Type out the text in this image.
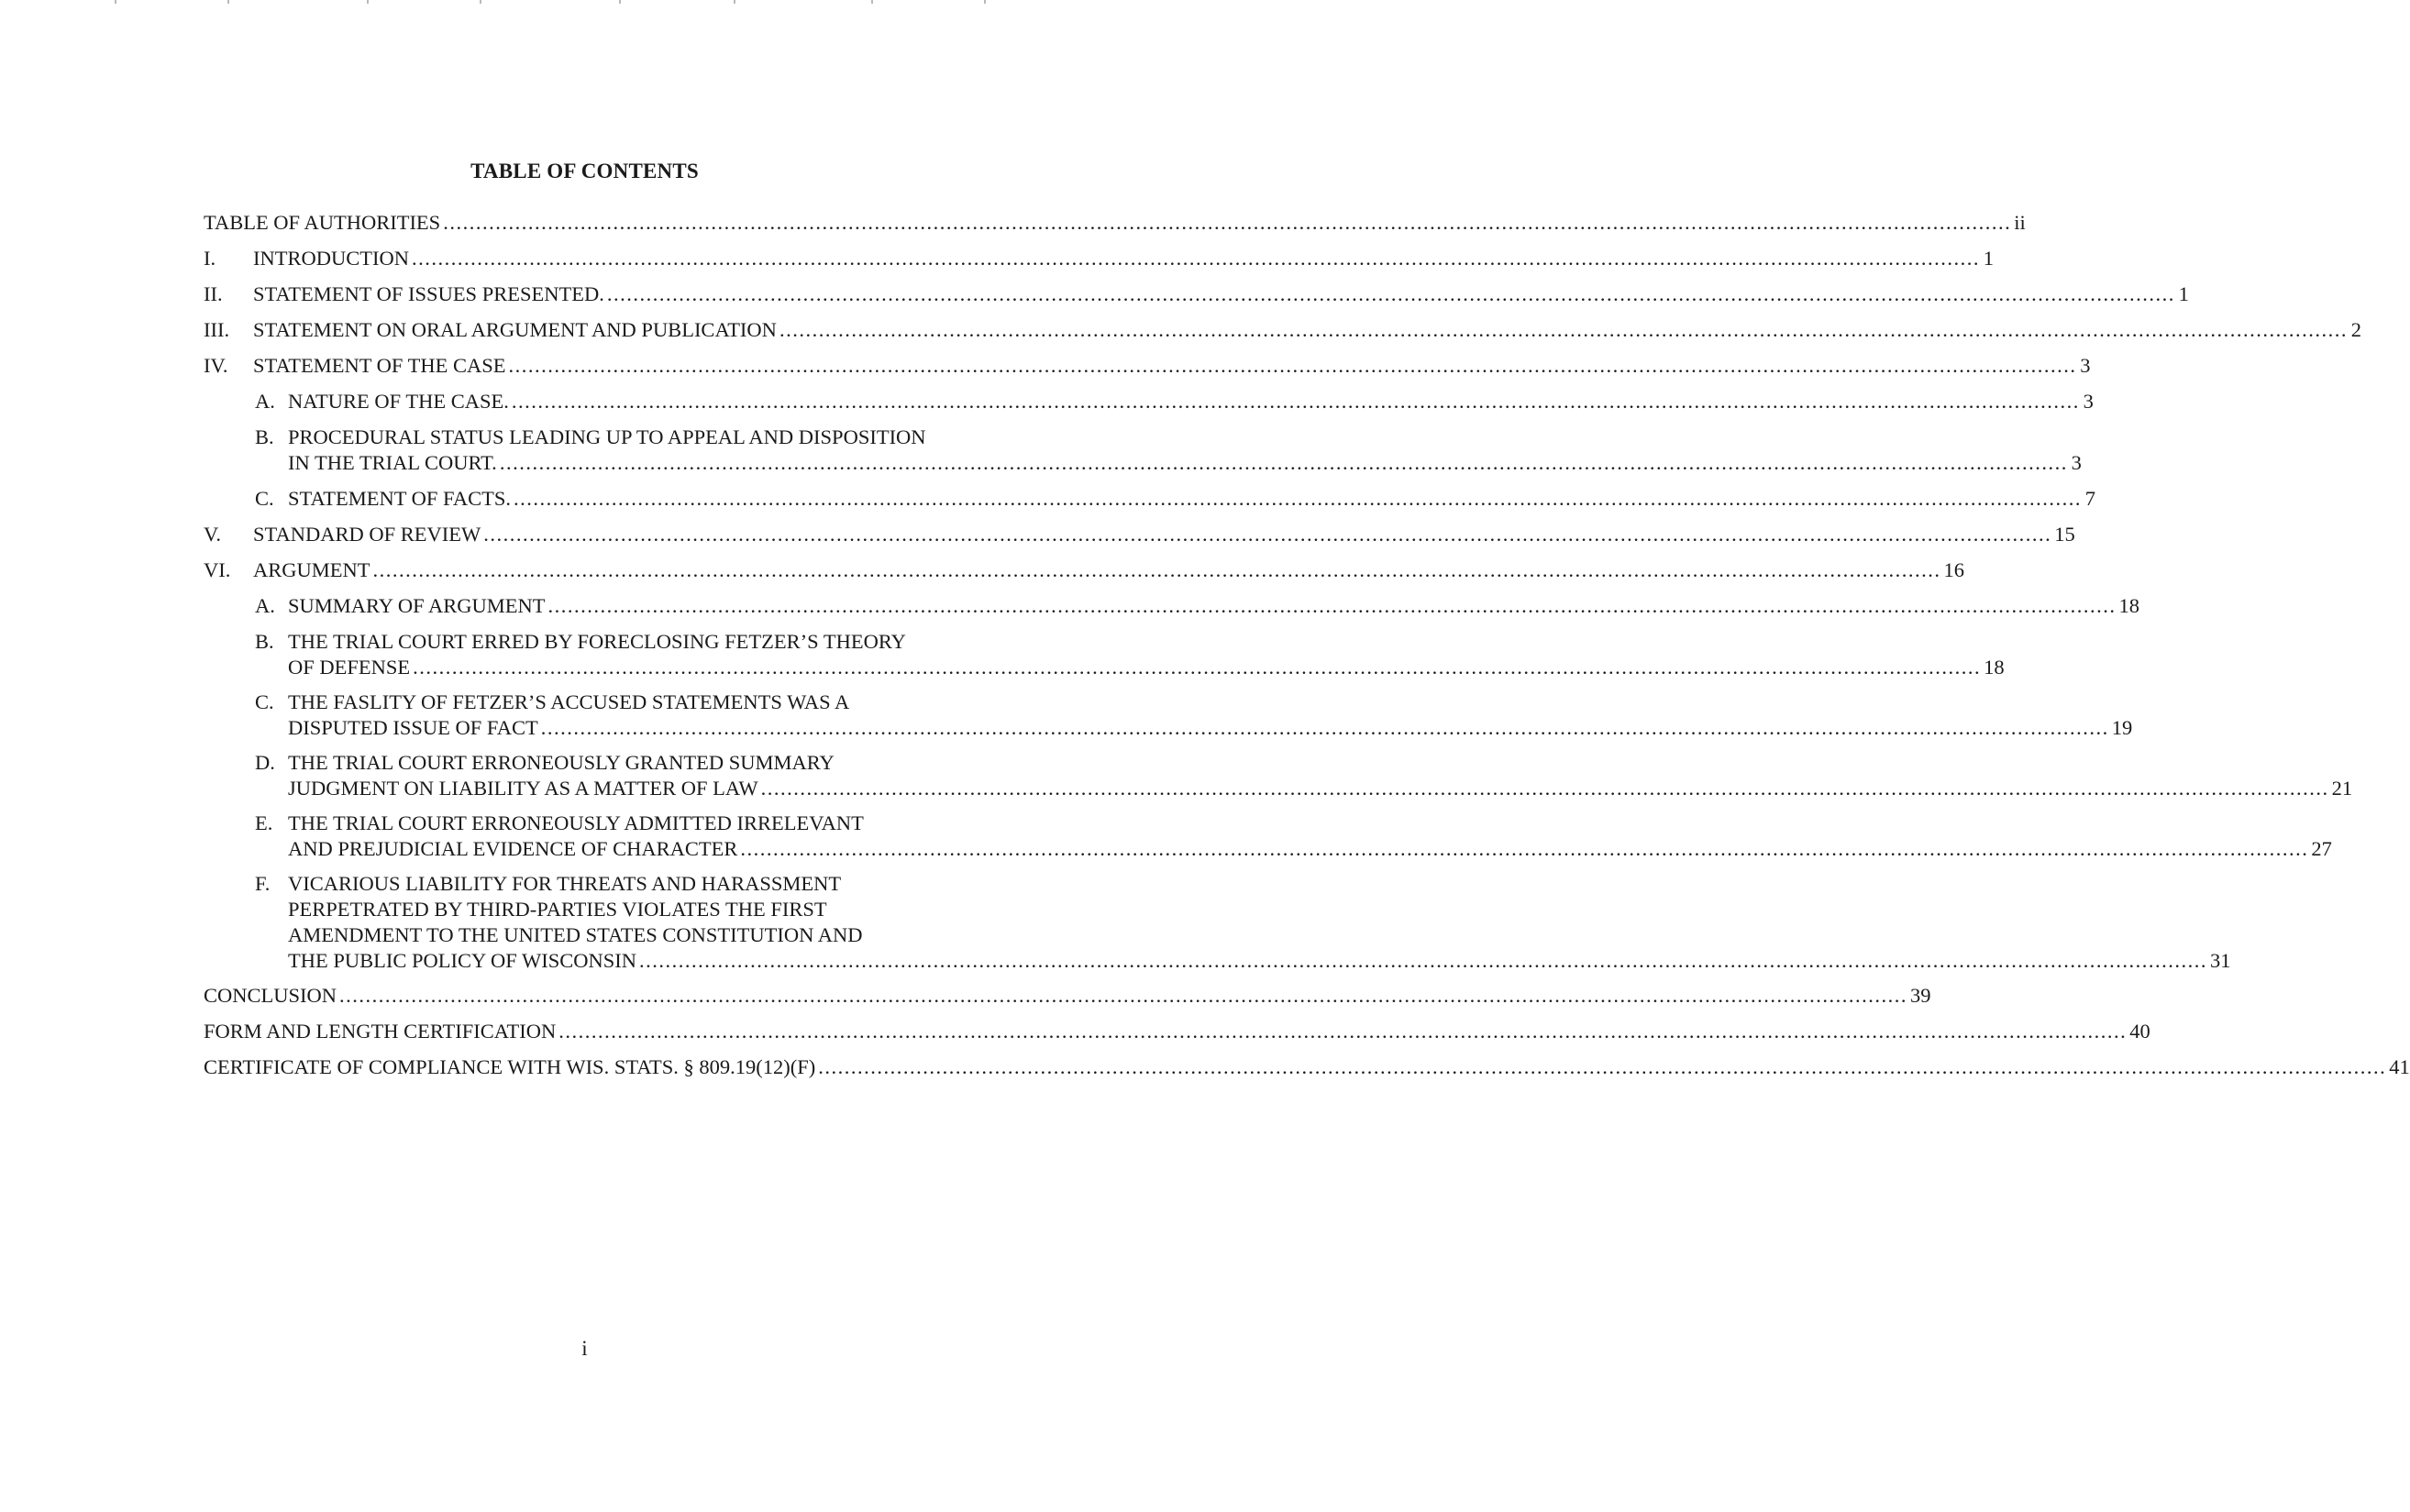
TABLE OF CONTENTS
TABLE OF AUTHORITIES .....	ii
I.	INTRODUCTION .....	1
II.	STATEMENT OF ISSUES PRESENTED. .....	1
III.	STATEMENT ON ORAL ARGUMENT AND PUBLICATION .....	2
IV.	STATEMENT OF THE CASE .....	3
A. NATURE OF THE CASE. .....	3
B. PROCEDURAL STATUS LEADING UP TO APPEAL AND DISPOSITION
IN THE TRIAL COURT. .....	3
C. STATEMENT OF FACTS. .....	7
V.	STANDARD OF REVIEW .....	15
VI.	ARGUMENT .....	16
A. SUMMARY OF ARGUMENT .....	18
B. THE TRIAL COURT ERRED BY FORECLOSING FETZER’S THEORY
OF DEFENSE .....	18
C. THE FASLITY OF FETZER’S ACCUSED STATEMENTS WAS A
DISPUTED ISSUE OF FACT .....	19
D. THE TRIAL COURT ERRONEOUSLY GRANTED SUMMARY
JUDGMENT ON LIABILITY AS A MATTER OF LAW .....	21
E. THE TRIAL COURT ERRONEOUSLY ADMITTED IRRELEVANT
AND PREJUDICIAL EVIDENCE OF CHARACTER .....	27
F. VICARIOUS LIABILITY FOR THREATS AND HARASSMENT
PERPETRATED BY THIRD-PARTIES VIOLATES THE FIRST
AMENDMENT TO THE UNITED STATES CONSTITUTION AND
THE PUBLIC POLICY OF WISCONSIN .....	31
CONCLUSION .....	39
FORM AND LENGTH CERTIFICATION .....	40
CERTIFICATE OF COMPLIANCE WITH WIS. STATS. § 809.19(12)(F) .....	41
i
